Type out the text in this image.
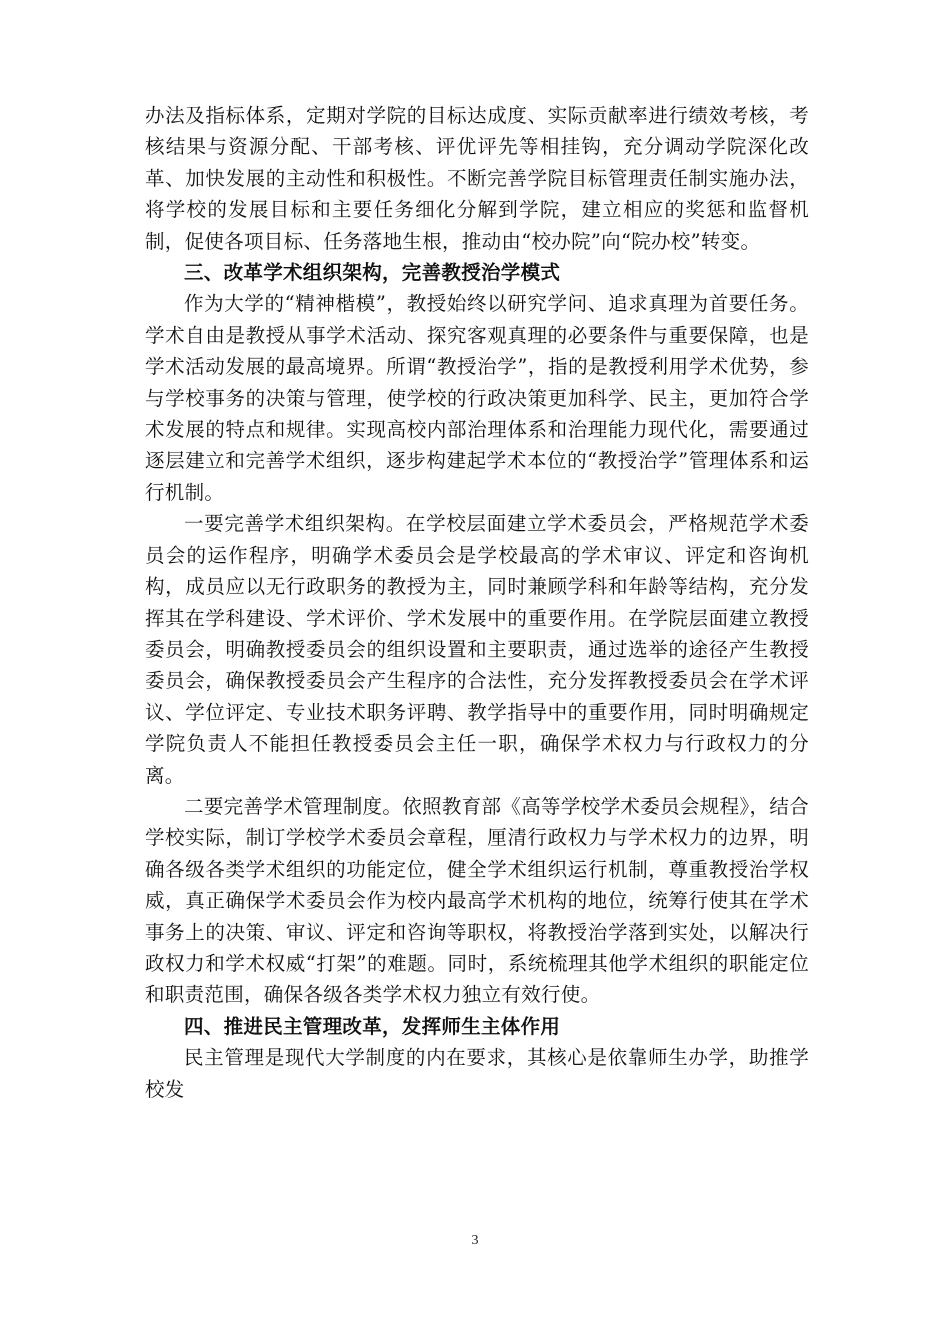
办法及指标体系，定期对学院的目标达成度、实际贡献率进行绩效考核，考核结果与资源分配、干部考核、评优评先等相挂钩，充分调动学院深化改革、加快发展的主动性和积极性。不断完善学院目标管理责任制实施办法，将学校的发展目标和主要任务细化分解到学院，建立相应的奖惩和监督机制，促使各项目标、任务落地生根，推动由“校办院”向“院办校”转变。

三、改革学术组织架构，完善教授治学模式

作为大学的“精神楷模”，教授始终以研究学问、追求真理为首要任务。学术自由是教授从事学术活动、探究客观真理的必要条件与重要保障，也是学术活动发展的最高境界。所谓“教授治学”，指的是教授利用学术优势，参与学校事务的决策与管理，使学校的行政决策更加科学、民主，更加符合学术发展的特点和规律。实现高校内部治理体系和治理能力现代化，需要通过逐层建立和完善学术组织，逐步构建起学术本位的“教授治学”管理体系和运行机制。

一要完善学术组织架构。在学校层面建立学术委员会，严格规范学术委员会的运作程序，明确学术委员会是学校最高的学术审议、评定和咨询机构，成员应以无行政职务的教授为主，同时兼顾学科和年龄等结构，充分发挥其在学科建设、学术评价、学术发展中的重要作用。在学院层面建立教授委员会，明确教授委员会的组织设置和主要职责，通过选举的途径产生教授委员会，确保教授委员会产生程序的合法性，充分发挥教授委员会在学术评议、学位评定、专业技术职务评聘、教学指导中的重要作用，同时明确规定学院负责人不能担任教授委员会主任一职，确保学术权力与行政权力的分离。

二要完善学术管理制度。依照教育部《高等学校学术委员会规程》，结合学校实际，制订学校学术委员会章程，厘清行政权力与学术权力的边界，明确各级各类学术组织的功能定位，健全学术组织运行机制，尊重教授治学权威，真正确保学术委员会作为校内最高学术机构的地位，统筹行使其在学术事务上的决策、审议、评定和咨询等职权，将教授治学落到实处，以解决行政权力和学术权威“打架”的难题。同时，系统梳理其他学术组织的职能定位和职责范围，确保各级各类学术权力独立有效行使。

四、推进民主管理改革，发挥师生主体作用

民主管理是现代大学制度的内在要求，其核心是依靠师生办学，助推学校发

3
